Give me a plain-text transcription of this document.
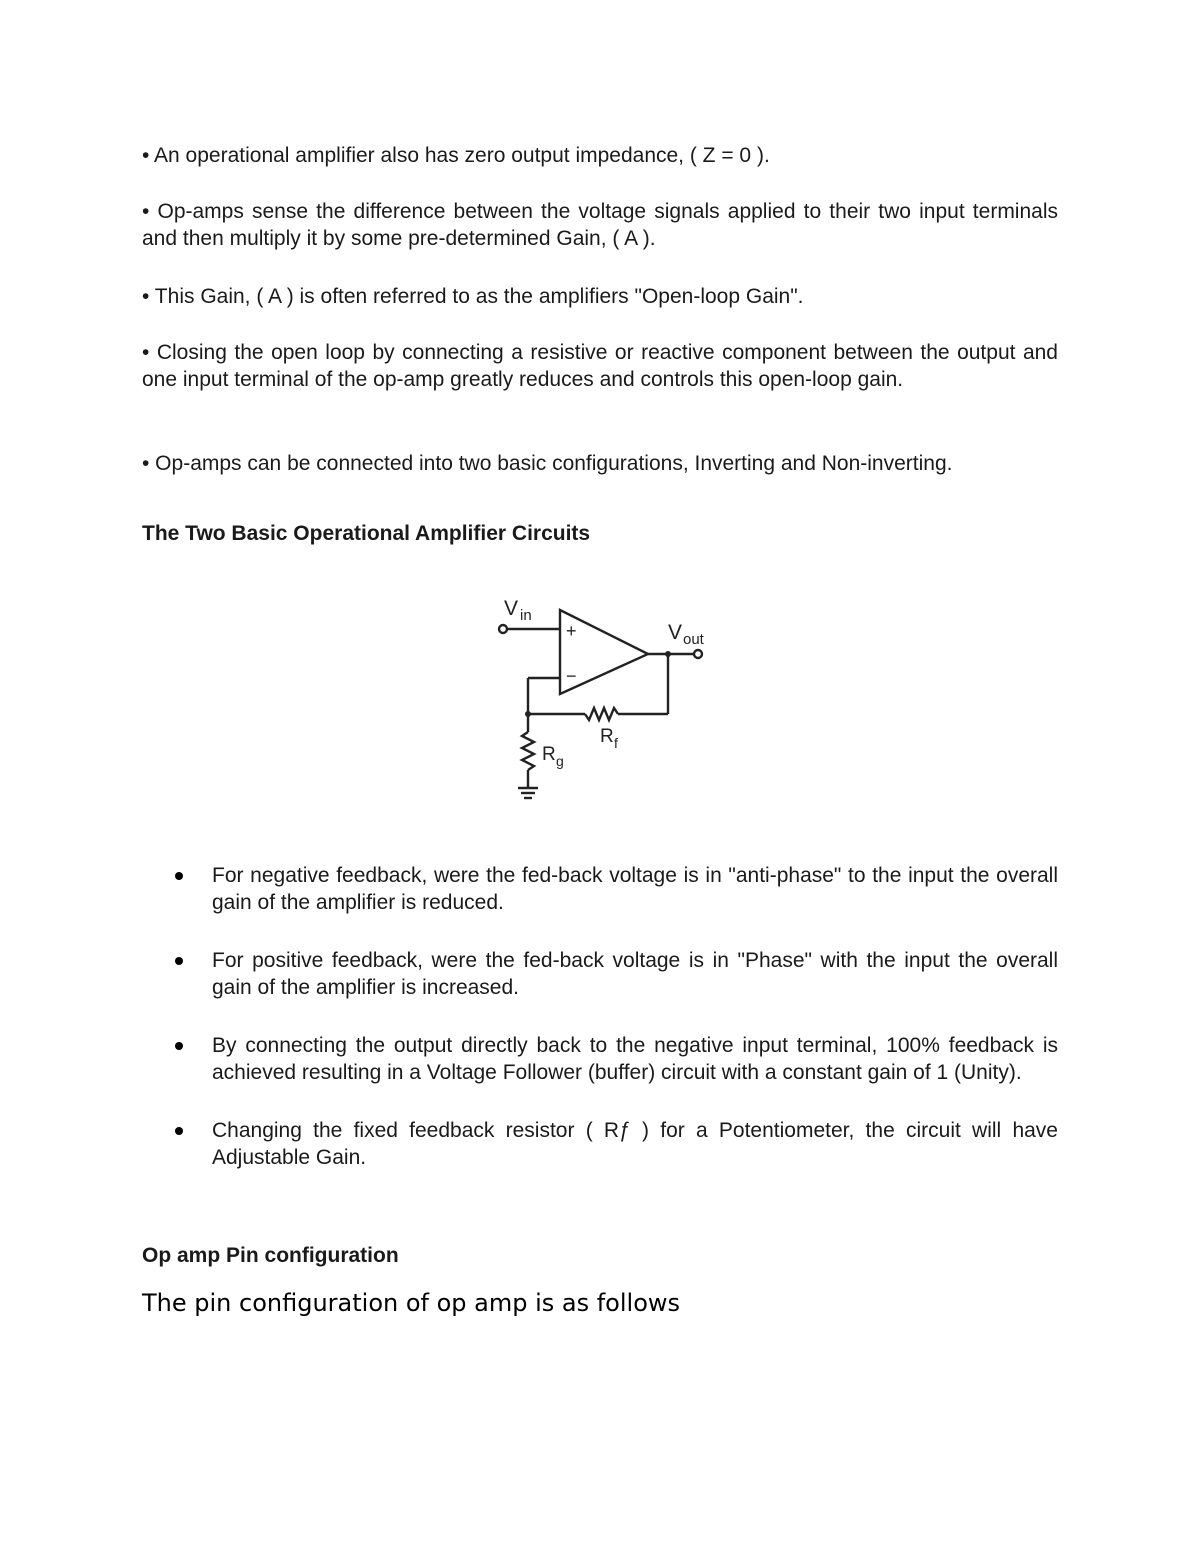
• An operational amplifier also has zero output impedance, ( Z = 0 ).

• Op-amps sense the difference between the voltage signals applied to their two input terminals and then multiply it by some pre-determined Gain, ( A ).

• This Gain, ( A ) is often referred to as the amplifiers "Open-loop Gain".

• Closing the open loop by connecting a resistive or reactive component between the output and one input terminal of the op-amp greatly reduces and controls this open-loop gain.

• Op-amps can be connected into two basic configurations, Inverting and Non-inverting.

The Two Basic Operational Amplifier Circuits
V in
+
−
V out
R f
R g
For negative feedback, were the fed-back voltage is in "anti-phase" to the input the overall gain of the amplifier is reduced.
For positive feedback, were the fed-back voltage is in "Phase" with the input the overall gain of the amplifier is increased.
By connecting the output directly back to the negative input terminal, 100% feedback is achieved resulting in a Voltage Follower (buffer) circuit with a constant gain of 1 (Unity).
Changing the fixed feedback resistor ( Rƒ ) for a Potentiometer, the circuit will have Adjustable Gain.
Op amp Pin configuration

The pin configuration of op amp is as follows
